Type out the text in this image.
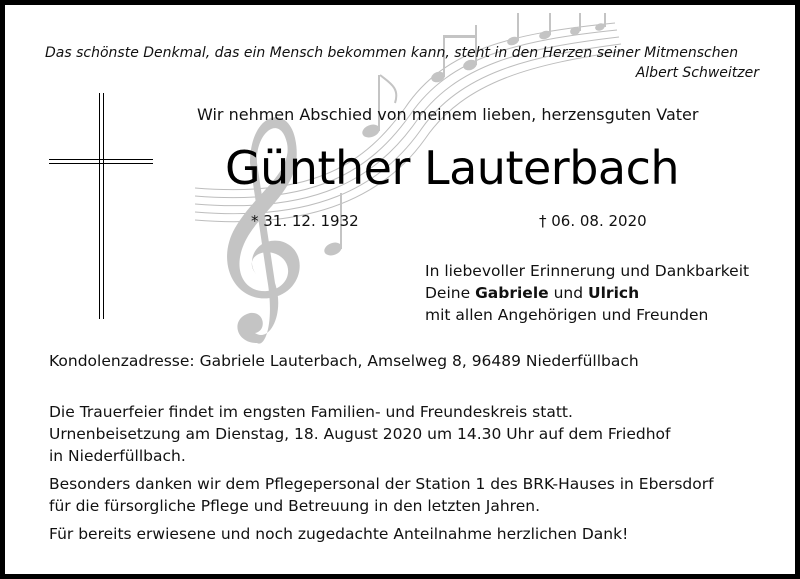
Das schönste Denkmal, das ein Mensch bekommen kann, steht in den Herzen seiner Mitmenschen
Albert Schweitzer
Wir nehmen Abschied von meinem lieben, herzensguten Vater
Günther Lauterbach
* 31. 12. 1932	† 06. 08. 2020
In liebevoller Erinnerung und Dankbarkeit
Deine Gabriele und Ulrich
mit allen Angehörigen und Freunden
Kondolenzadresse: Gabriele Lauterbach, Amselweg 8, 96489 Niederfüllbach

Die Trauerfeier findet im engsten Familien- und Freundeskreis statt.
Urnenbeisetzung am Dienstag, 18. August 2020 um 14.30 Uhr auf dem Friedhof
in Niederfüllbach.

Besonders danken wir dem Pflegepersonal der Station 1 des BRK-Hauses in Ebersdorf
für die fürsorgliche Pflege und Betreuung in den letzten Jahren.

Für bereits erwiesene und noch zugedachte Anteilnahme herzlichen Dank!
